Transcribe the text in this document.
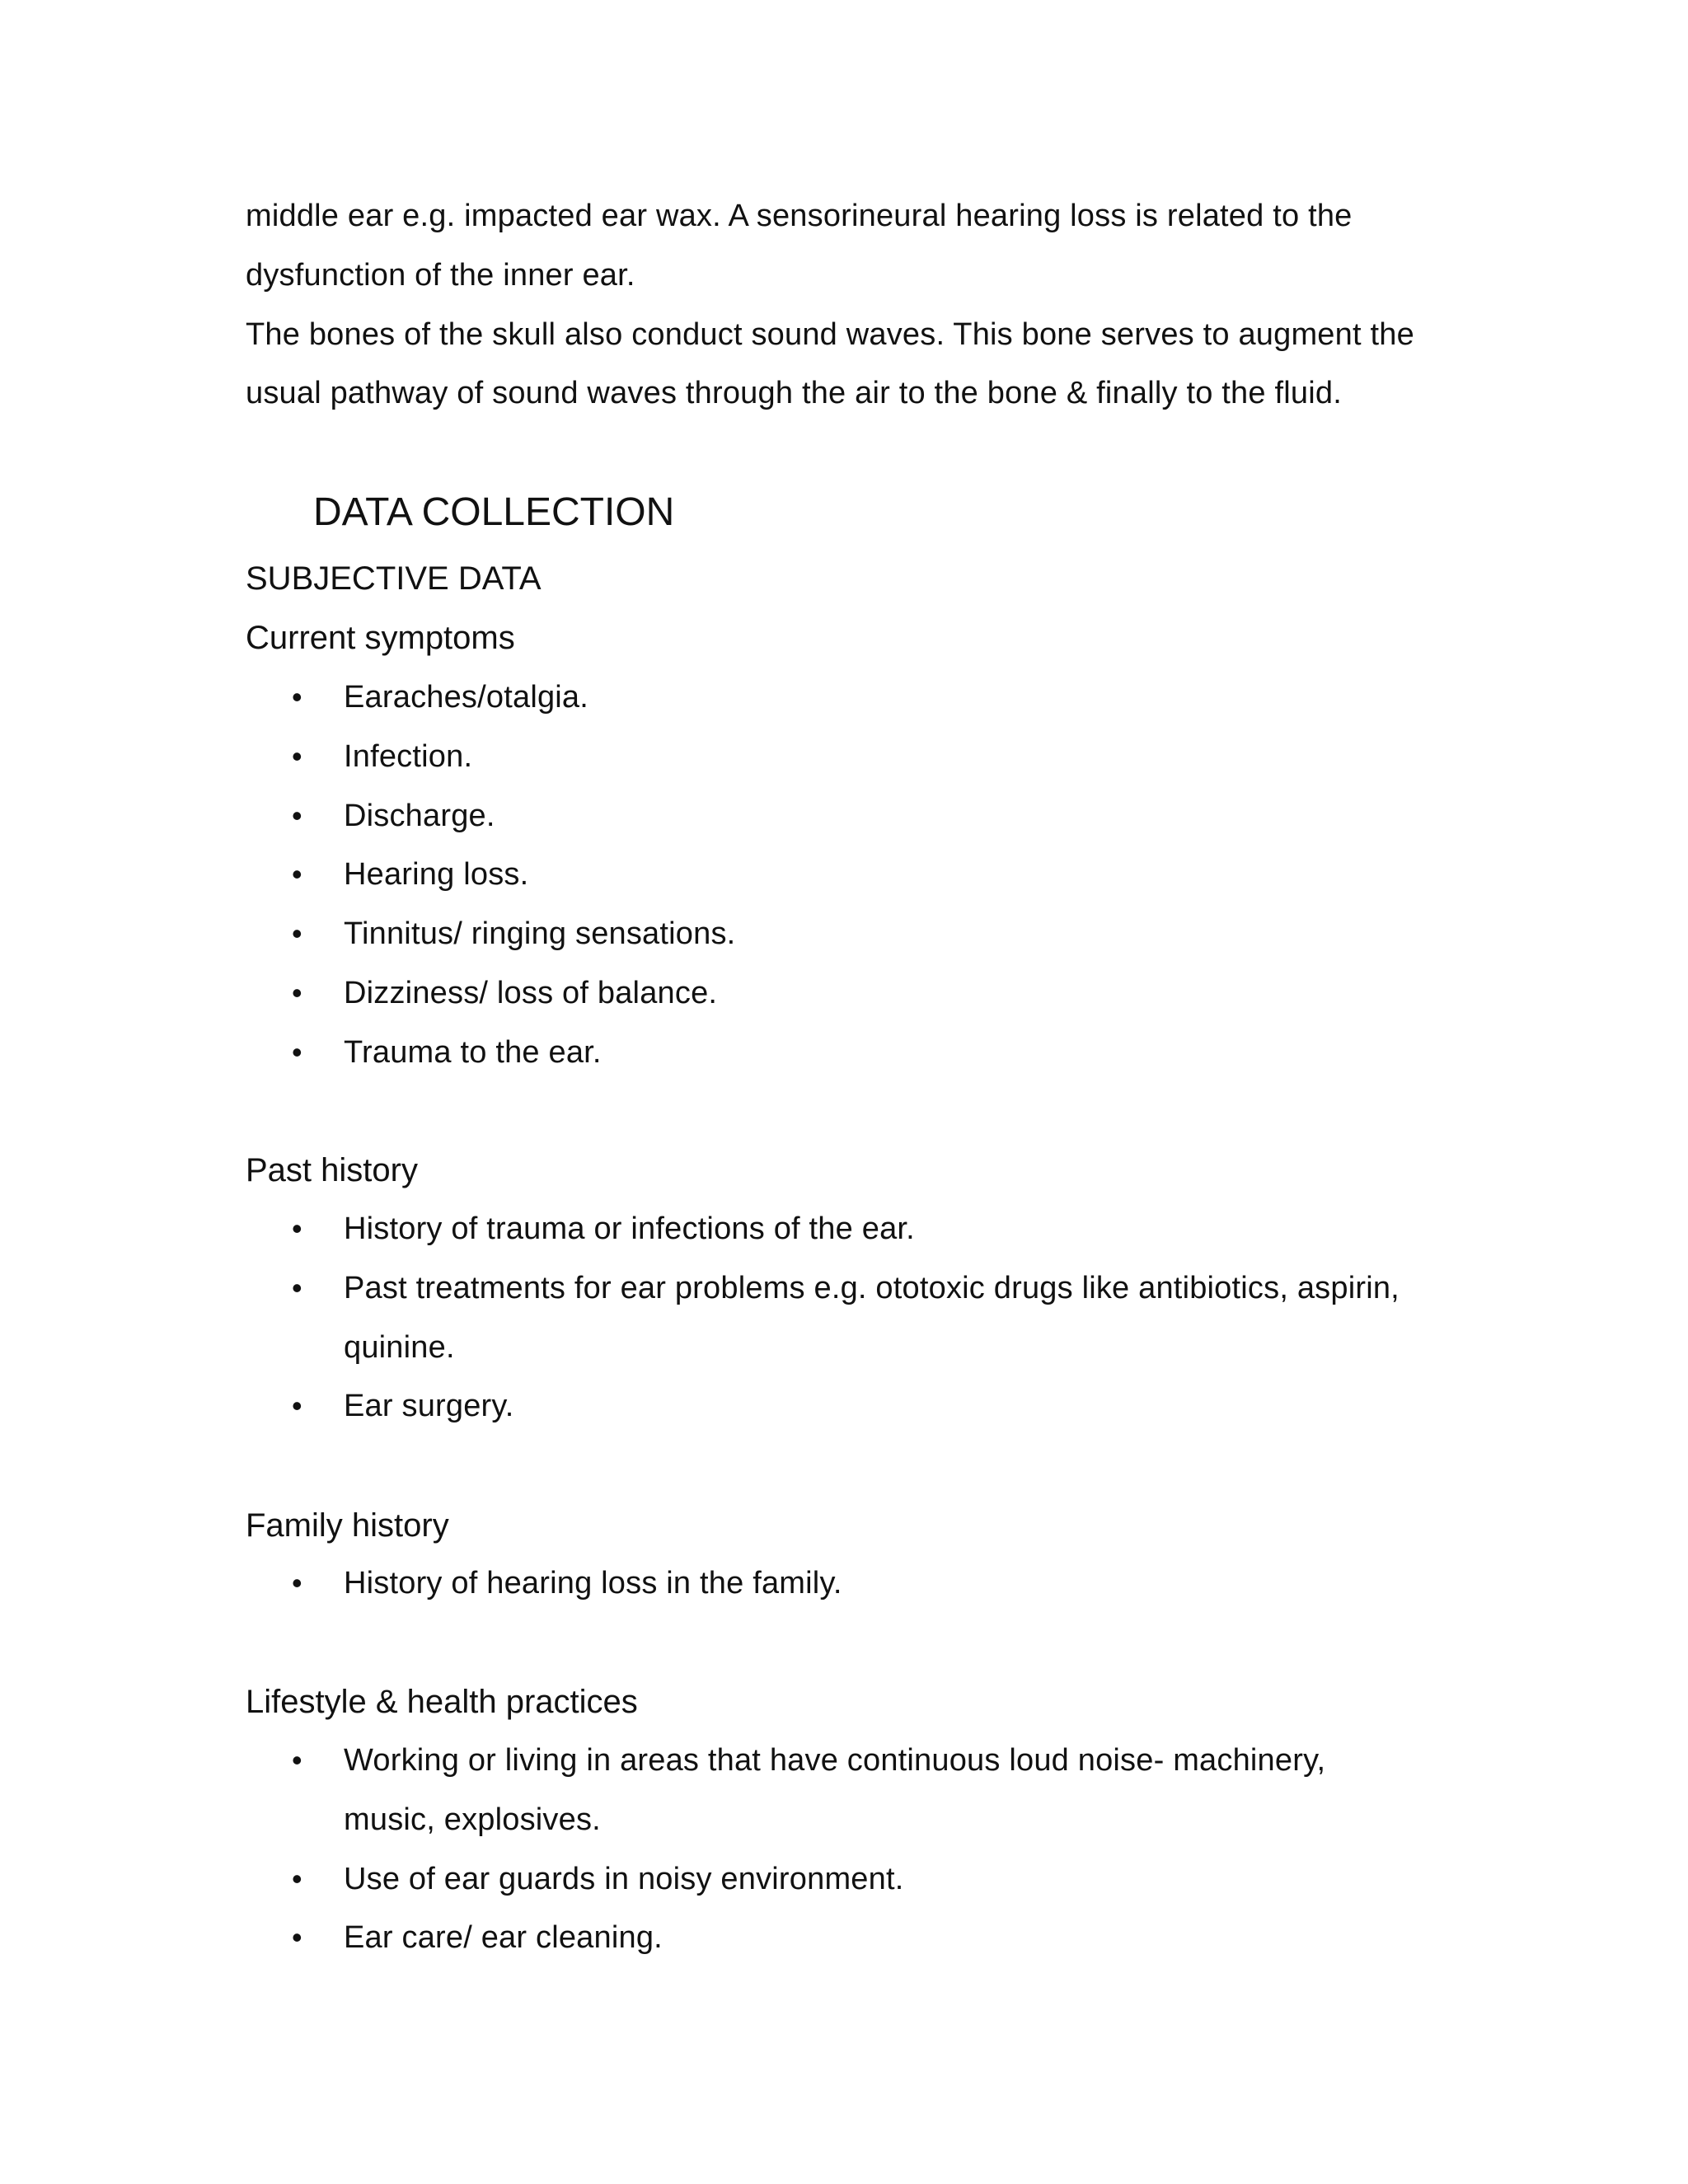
middle ear e.g. impacted ear wax. A sensorineural hearing loss is related to the
dysfunction of the inner ear.
The bones of the skull also conduct sound waves. This bone serves to augment the
usual pathway of sound waves through the air to the bone & finally to the fluid.
DATA COLLECTION
SUBJECTIVE DATA
Current symptoms
• Earaches/otalgia.
• Infection.
• Discharge.
• Hearing loss.
• Tinnitus/ ringing sensations.
• Dizziness/ loss of balance.
• Trauma to the ear.
Past history
• History of trauma or infections of the ear.
• Past treatments for ear problems e.g. ototoxic drugs like antibiotics, aspirin,
quinine.
• Ear surgery.
Family history
• History of hearing loss in the family.
Lifestyle & health practices
• Working or living in areas that have continuous loud noise- machinery,
music, explosives.
• Use of ear guards in noisy environment.
• Ear care/ ear cleaning.
